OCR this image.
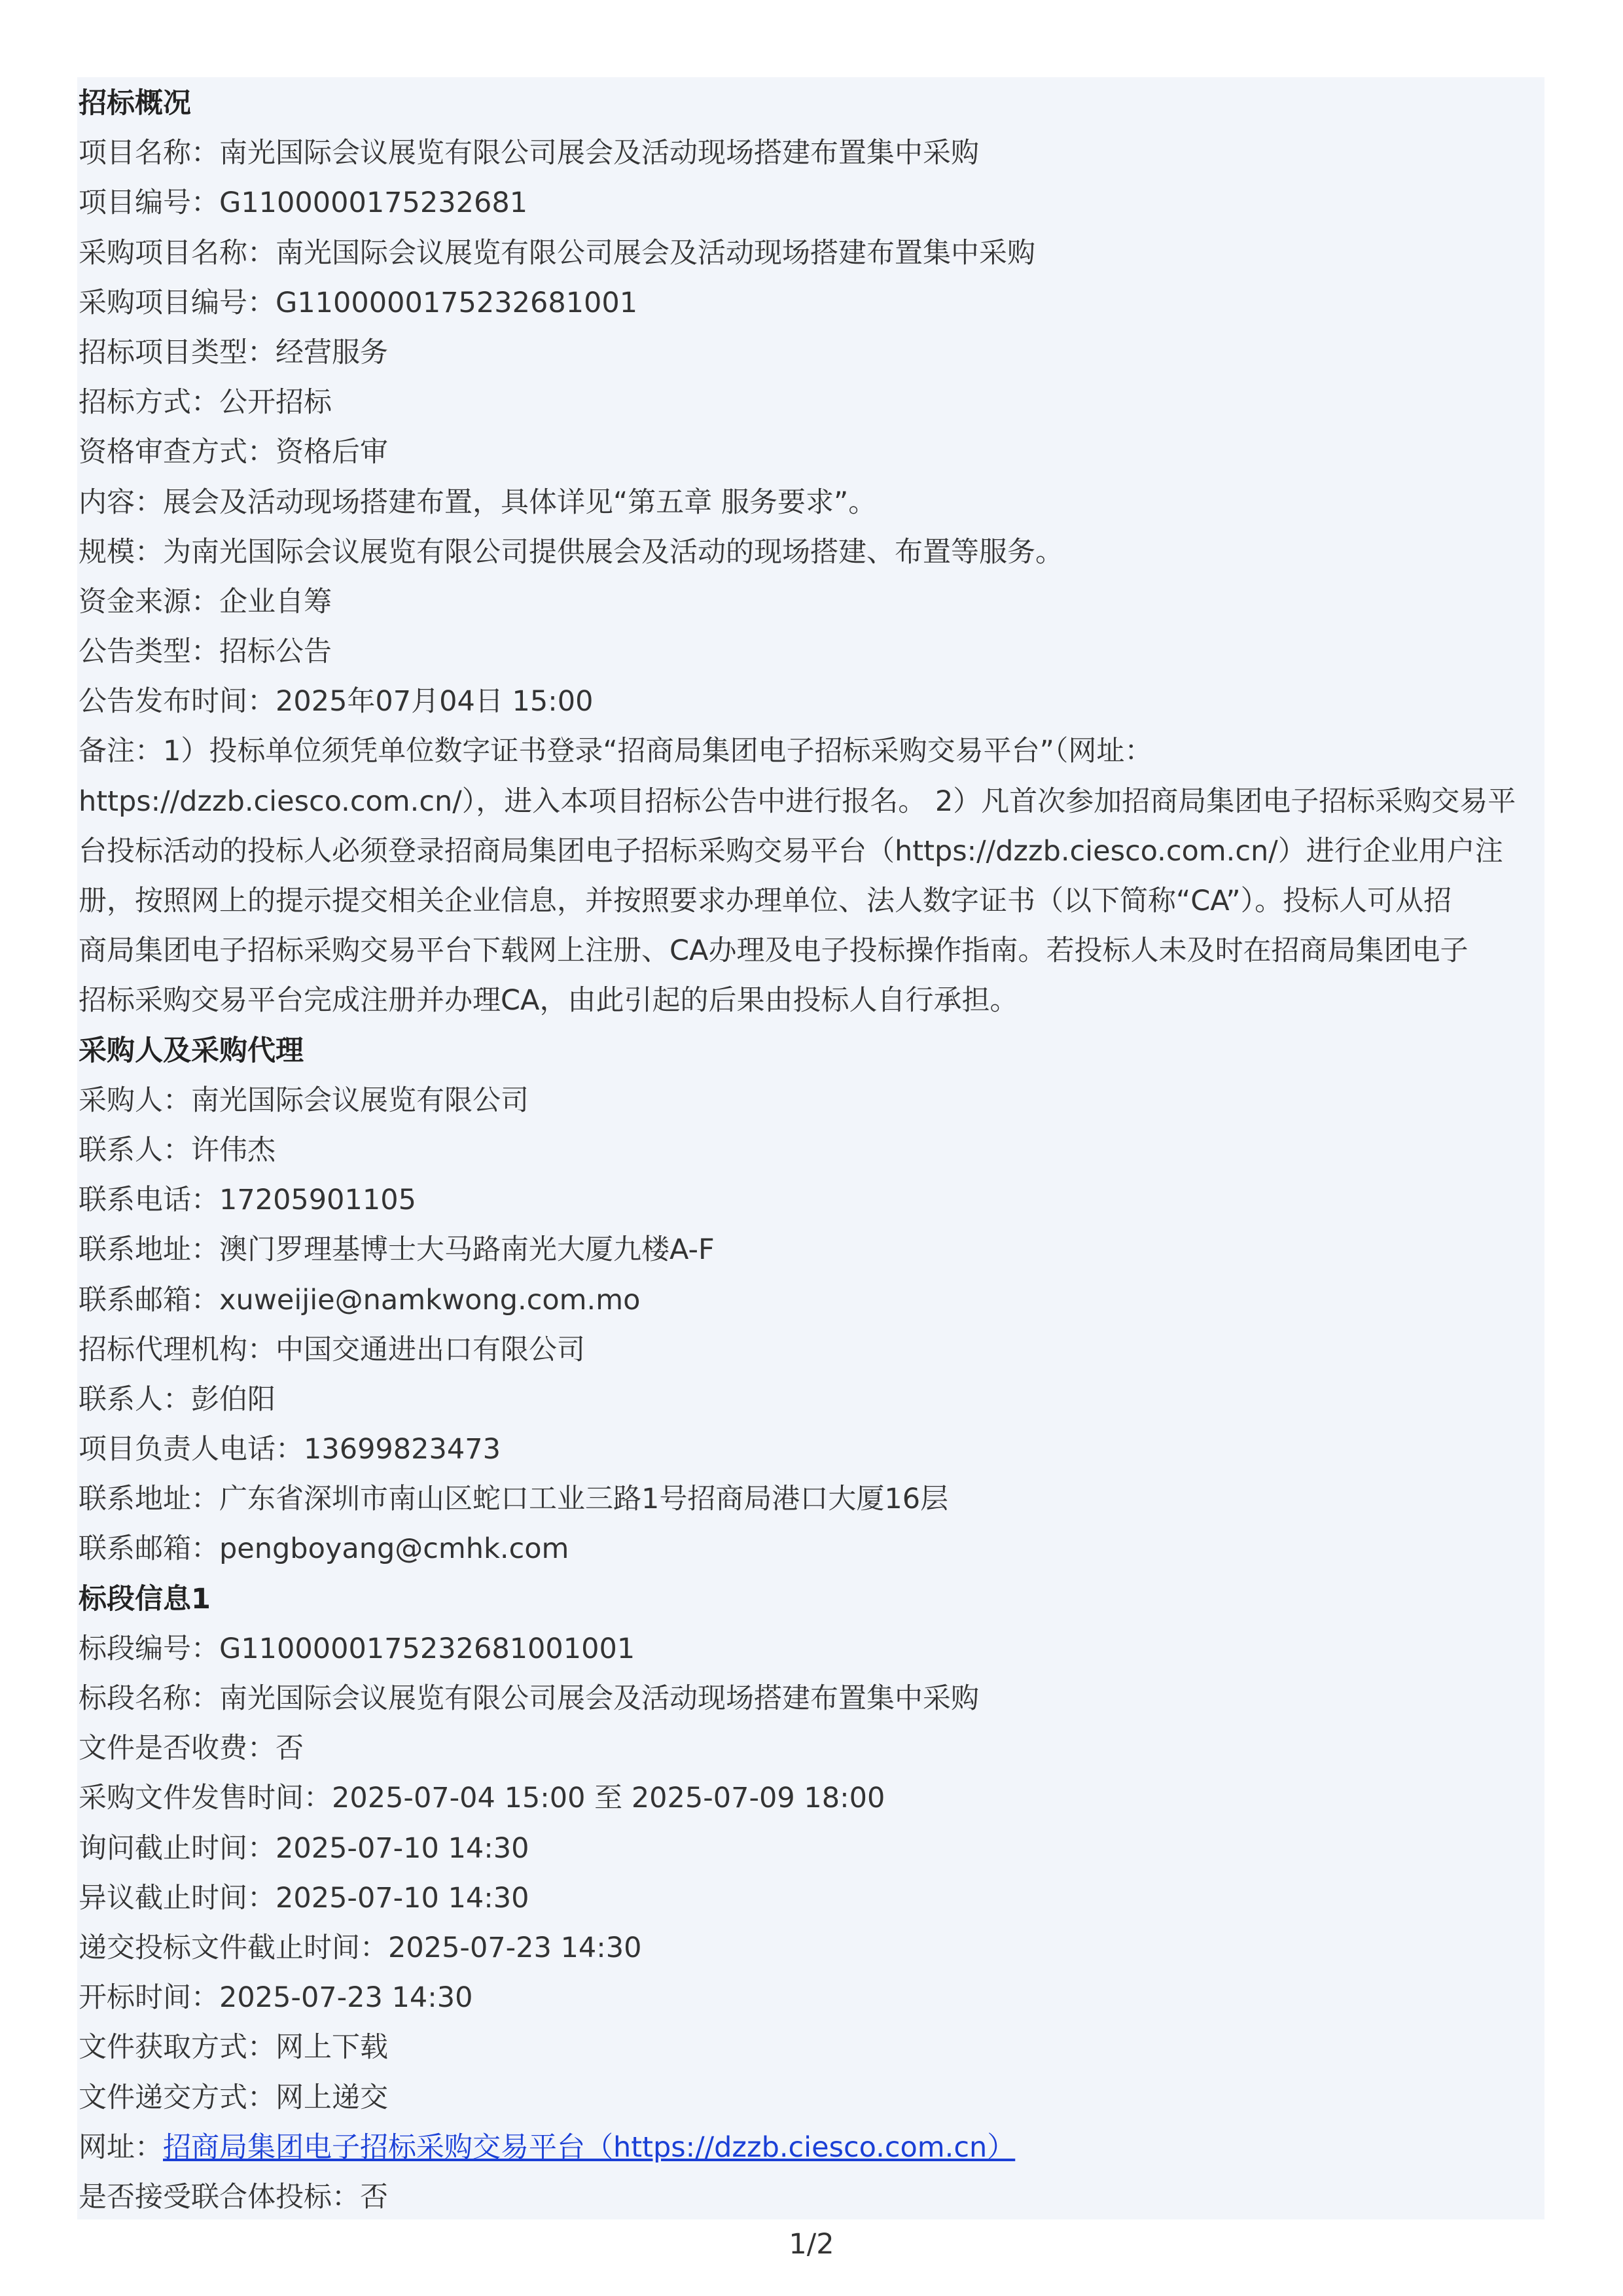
招标概况
项目名称：南光国际会议展览有限公司展会及活动现场搭建布置集中采购
项目编号：G1100000175232681
采购项目名称：南光国际会议展览有限公司展会及活动现场搭建布置集中采购
采购项目编号：G1100000175232681001
招标项目类型：经营服务
招标方式：公开招标
资格审查方式：资格后审
内容：展会及活动现场搭建布置，具体详见“第五章 服务要求”。
规模：为南光国际会议展览有限公司提供展会及活动的现场搭建、布置等服务。
资金来源：企业自筹
公告类型：招标公告
公告发布时间：2025年07月04日 15:00
备注：1）投标单位须凭单位数字证书登录“招商局集团电子招标采购交易平台”（网址：
https://dzzb.ciesco.com.cn/），进入本项目招标公告中进行报名。 2）凡首次参加招商局集团电子招标采购交易平
台投标活动的投标人必须登录招商局集团电子招标采购交易平台（https://dzzb.ciesco.com.cn/）进行企业用户注
册，按照网上的提示提交相关企业信息，并按照要求办理单位、法人数字证书（以下简称“CA”）。投标人可从招
商局集团电子招标采购交易平台下载网上注册、CA办理及电子投标操作指南。若投标人未及时在招商局集团电子
招标采购交易平台完成注册并办理CA，由此引起的后果由投标人自行承担。
采购人及采购代理
采购人：南光国际会议展览有限公司
联系人：许伟杰
联系电话：17205901105
联系地址：澳门罗理基博士大马路南光大厦九楼A-F
联系邮箱：xuweijie@namkwong.com.mo
招标代理机构：中国交通进出口有限公司
联系人：彭伯阳
项目负责人电话：13699823473
联系地址：广东省深圳市南山区蛇口工业三路1号招商局港口大厦16层
联系邮箱：pengboyang@cmhk.com
标段信息1
标段编号：G1100000175232681001001
标段名称：南光国际会议展览有限公司展会及活动现场搭建布置集中采购
文件是否收费：否
采购文件发售时间：2025-07-04 15:00 至 2025-07-09 18:00
询问截止时间：2025-07-10 14:30
异议截止时间：2025-07-10 14:30
递交投标文件截止时间：2025-07-23 14:30
开标时间：2025-07-23 14:30
文件获取方式：网上下载
文件递交方式：网上递交
网址：招商局集团电子招标采购交易平台（https://dzzb.ciesco.com.cn）
是否接受联合体投标：否
1/2
